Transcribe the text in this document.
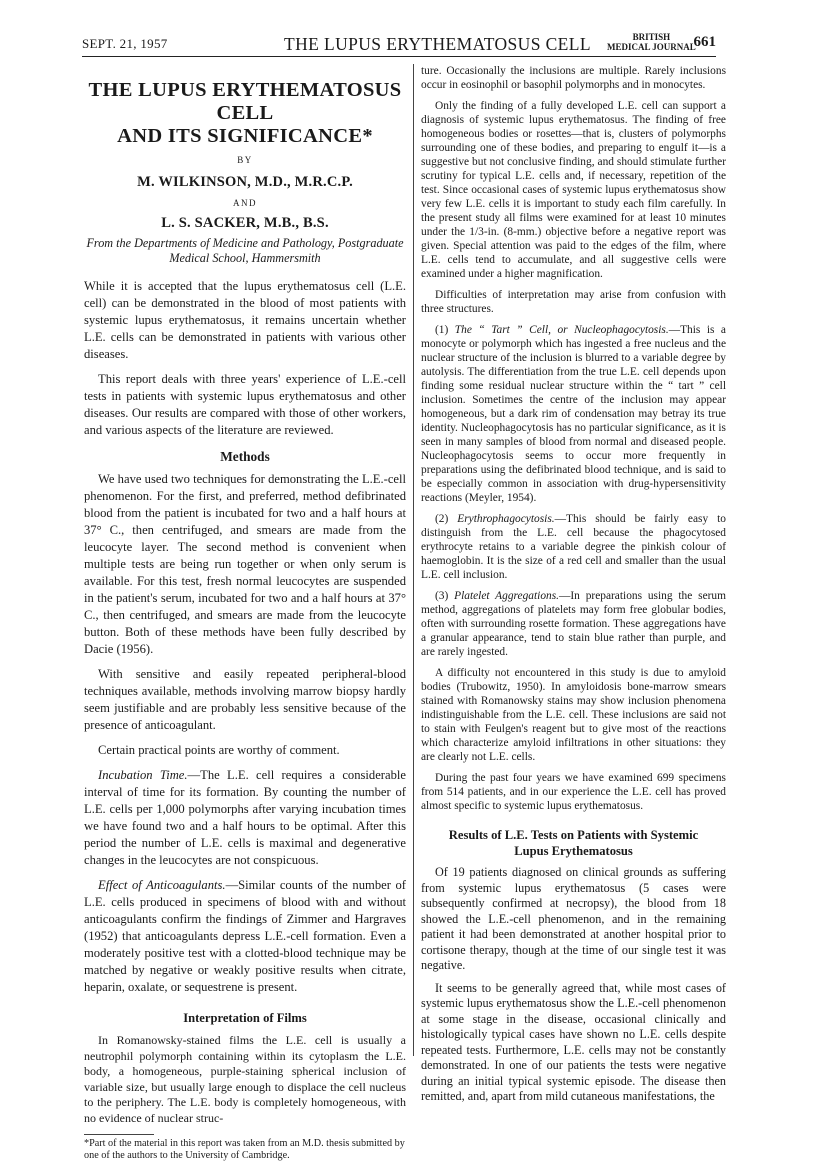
SEPT. 21, 1957	THE LUPUS ERYTHEMATOSUS CELL	BRITISH
MEDICAL JOURNAL
661
THE LUPUS ERYTHEMATOSUS CELL
AND ITS SIGNIFICANCE*
BY
M. WILKINSON, M.D., M.R.C.P.
AND
L. S. SACKER, M.B., B.S.
From the Departments of Medicine and Pathology, Postgraduate Medical School, Hammersmith

While it is accepted that the lupus erythematosus cell (L.E. cell) can be demonstrated in the blood of most patients with systemic lupus erythematosus, it remains uncertain whether L.E. cells can be demonstrated in patients with various other diseases.

This report deals with three years' experience of L.E.-cell tests in patients with systemic lupus erythematosus and other diseases. Our results are compared with those of other workers, and various aspects of the literature are reviewed.

Methods

We have used two techniques for demonstrating the L.E.-cell phenomenon. For the first, and preferred, method defibrinated blood from the patient is incubated for two and a half hours at 37° C., then centrifuged, and smears are made from the leucocyte layer. The second method is convenient when multiple tests are being run together or when only serum is available. For this test, fresh normal leucocytes are suspended in the patient's serum, incubated for two and a half hours at 37° C., then centrifuged, and smears are made from the leucocyte button. Both of these methods have been fully described by Dacie (1956).

With sensitive and easily repeated peripheral-blood techniques available, methods involving marrow biopsy hardly seem justifiable and are probably less sensitive because of the presence of anticoagulant.

Certain practical points are worthy of comment.

Incubation Time.—The L.E. cell requires a considerable interval of time for its formation. By counting the number of L.E. cells per 1,000 polymorphs after varying incubation times we have found two and a half hours to be optimal. After this period the number of L.E. cells is maximal and degenerative changes in the leucocytes are not conspicuous.

Effect of Anticoagulants.—Similar counts of the number of L.E. cells produced in specimens of blood with and without anticoagulants confirm the findings of Zimmer and Hargraves (1952) that anticoagulants depress L.E.-cell formation. Even a moderately positive test with a clotted-blood technique may be matched by negative or weakly positive results when citrate, heparin, oxalate, or sequestrene is present.

Interpretation of Films

In Romanowsky-stained films the L.E. cell is usually a neutrophil polymorph containing within its cytoplasm the L.E. body, a homogeneous, purple-staining spherical inclusion of variable size, but usually large enough to displace the cell nucleus to the periphery. The L.E. body is completely homogeneous, with no evidence of nuclear struc-

*Part of the material in this report was taken from an M.D. thesis submitted by one of the authors to the University of Cambridge.

ture. Occasionally the inclusions are multiple. Rarely inclusions occur in eosinophil or basophil polymorphs and in monocytes.

Only the finding of a fully developed L.E. cell can support a diagnosis of systemic lupus erythematosus. The finding of free homogeneous bodies or rosettes—that is, clusters of polymorphs surrounding one of these bodies, and preparing to engulf it—is a suggestive but not conclusive finding, and should stimulate further scrutiny for typical L.E. cells and, if necessary, repetition of the test. Since occasional cases of systemic lupus erythematosus show very few L.E. cells it is important to study each film carefully. In the present study all films were examined for at least 10 minutes under the 1/3-in. (8-mm.) objective before a negative report was given. Special attention was paid to the edges of the film, where L.E. cells tend to accumulate, and all suggestive cells were examined under a higher magnification.

Difficulties of interpretation may arise from confusion with three structures.

(1) The “ Tart ” Cell, or Nucleophagocytosis.—This is a monocyte or polymorph which has ingested a free nucleus and the nuclear structure of the inclusion is blurred to a variable degree by autolysis. The differentiation from the true L.E. cell depends upon finding some residual nuclear structure within the “ tart ” cell inclusion. Sometimes the centre of the inclusion may appear homogeneous, but a dark rim of condensation may betray its true identity. Nucleophagocytosis has no particular significance, as it is seen in many samples of blood from normal and diseased people. Nucleophagocytosis seems to occur more frequently in preparations using the defibrinated blood technique, and is said to be especially common in association with drug-hypersensitivity reactions (Meyler, 1954).

(2) Erythrophagocytosis.—This should be fairly easy to distinguish from the L.E. cell because the phagocytosed erythrocyte retains to a variable degree the pinkish colour of haemoglobin. It is the size of a red cell and smaller than the usual L.E. cell inclusion.

(3) Platelet Aggregations.—In preparations using the serum method, aggregations of platelets may form free globular bodies, often with surrounding rosette formation. These aggregations have a granular appearance, tend to stain blue rather than purple, and are rarely ingested.

A difficulty not encountered in this study is due to amyloid bodies (Trubowitz, 1950). In amyloidosis bone-marrow smears stained with Romanowsky stains may show inclusion phenomena indistinguishable from the L.E. cell. These inclusions are said not to stain with Feulgen's reagent but to give most of the reactions which characterize amyloid infiltrations in other situations: they are clearly not L.E. cells.

During the past four years we have examined 699 specimens from 514 patients, and in our experience the L.E. cell has proved almost specific to systemic lupus erythematosus.

Results of L.E. Tests on Patients with Systemic
Lupus Erythematosus

Of 19 patients diagnosed on clinical grounds as suffering from systemic lupus erythematosus (5 cases were subsequently confirmed at necropsy), the blood from 18 showed the L.E.-cell phenomenon, and in the remaining patient it had been demonstrated at another hospital prior to cortisone therapy, though at the time of our single test it was negative.

It seems to be generally agreed that, while most cases of systemic lupus erythematosus show the L.E.-cell phenomenon at some stage in the disease, occasional clinically and histologically typical cases have shown no L.E. cells despite repeated tests. Furthermore, L.E. cells may not be constantly demonstrated. In one of our patients the tests were negative during an initial typical systemic episode. The disease then remitted, and, apart from mild cutaneous manifestations, the
